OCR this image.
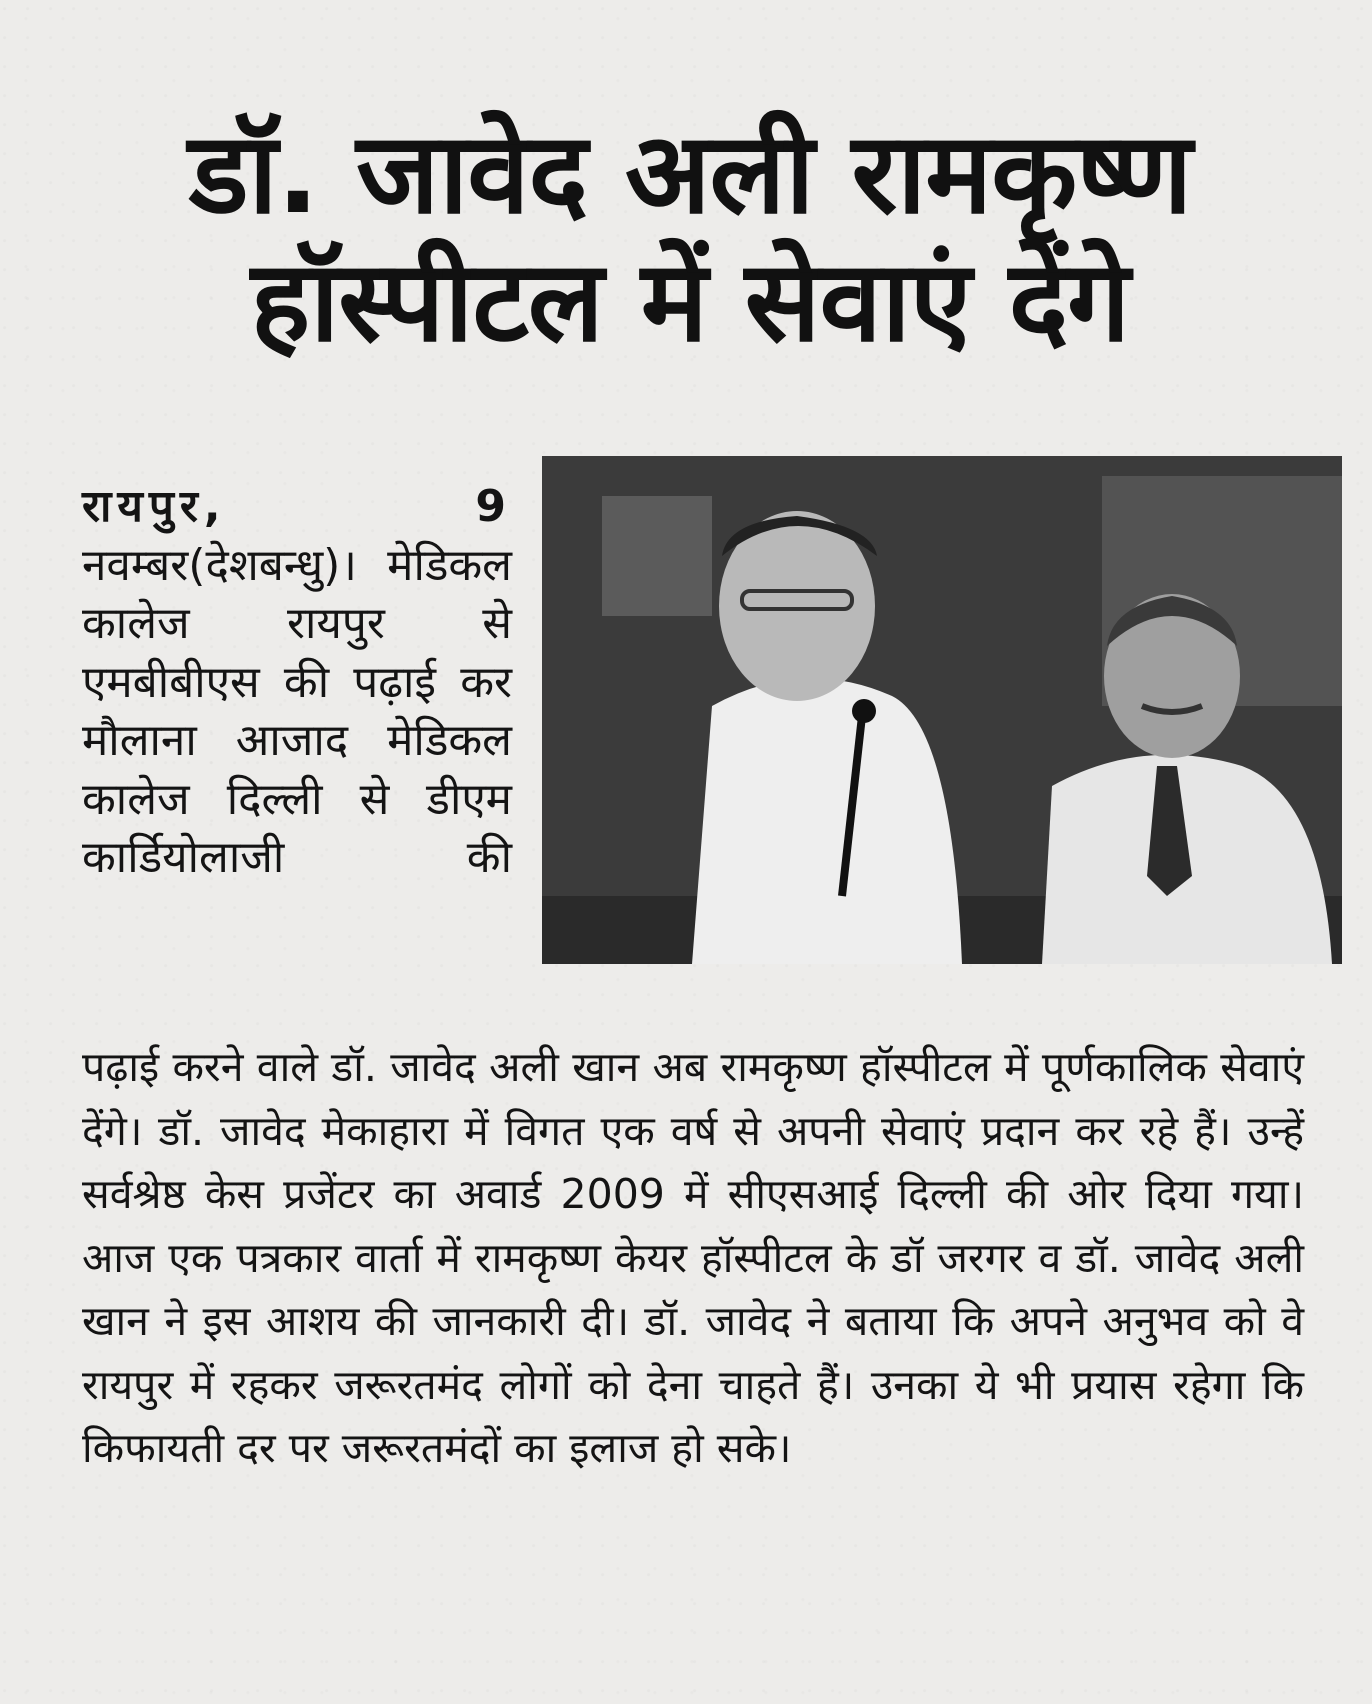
डॉ. जावेद अली रामकृष्ण
हॉस्पीटल में सेवाएं देंगे

रायपुर, 9 नवम्बर(देशबन्धु)। मेडिकल कालेज रायपुर से एमबीबीएस की पढ़ाई कर मौलाना आजाद मेडिकल कालेज दिल्ली से डीएम कार्डियोलाजी की

पढ़ाई करने वाले डॉ. जावेद अली खान अब रामकृष्ण हॉस्पीटल में पूर्णकालिक सेवाएं देंगे। डॉ. जावेद मेकाहारा में विगत एक वर्ष से अपनी सेवाएं प्रदान कर रहे हैं। उन्हें सर्वश्रेष्ठ केस प्रजेंटर का अवार्ड 2009 में सीएसआई दिल्ली की ओर दिया गया। आज एक पत्रकार वार्ता में रामकृष्ण केयर हॉस्पीटल के डॉ जरगर व डॉ. जावेद अली खान ने इस आशय की जानकारी दी। डॉ. जावेद ने बताया कि अपने अनुभव को वे रायपुर में रहकर जरूरतमंद लोगों को देना चाहते हैं। उनका ये भी प्रयास रहेगा कि किफायती दर पर जरूरतमंदों का इलाज हो सके।
